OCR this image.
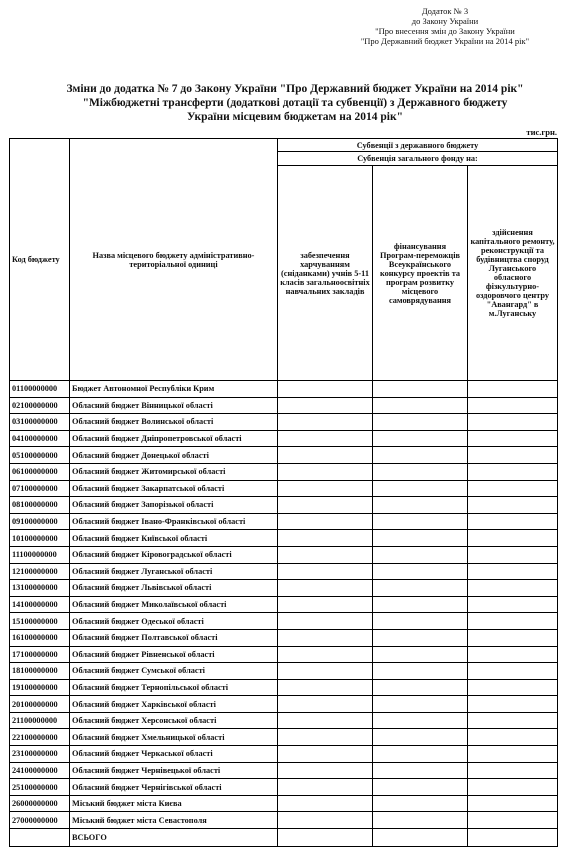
Додаток № 3
до Закону України
"Про внесення змін до Закону України
"Про Державний бюджет України на 2014 рік"
Зміни до додатка № 7 до Закону України "Про Державний бюджет України на 2014 рік"
"Міжбюджетні трансферти (додаткові дотації та субвенції) з Державного бюджету
України місцевим бюджетам на 2014 рік"
тис.грн.
Код бюджету	Назва місцевого бюджету адміністративно-територіальної одиниці	Субвенції з державного бюджету		
		Субвенція загального фонду на:		
		забезпечення харчуванням (сніданками) учнів 5-11 класів загальноосвітніх навчальних закладів	фінансування Програм-переможців Всеукраїнського конкурсу проектів та програм розвитку місцевого самоврядування	здійснення капітального ремонту, реконструкції та будівництва споруд Луганського обласного фізкультурно-оздоровчого центру "Авангард" в м.Луганську
01100000000	Бюджет Автономної Республіки Крим			
02100000000	Обласний бюджет Вінницької області			
03100000000	Обласний бюджет Волинської області			
04100000000	Обласний бюджет Дніпропетровської області			
05100000000	Обласний бюджет Донецької області			
06100000000	Обласний бюджет Житомирської області			
07100000000	Обласний бюджет Закарпатської області			
08100000000	Обласний бюджет Запорізької області			
09100000000	Обласний бюджет Івано-Франківської області			
10100000000	Обласний бюджет Київської області			
11100000000	Обласний бюджет Кіровоградської області			
12100000000	Обласний бюджет Луганської області			
13100000000	Обласний бюджет Львівської області			
14100000000	Обласний бюджет Миколаївської області			
15100000000	Обласний бюджет Одеської області			
16100000000	Обласний бюджет Полтавської області			
17100000000	Обласний бюджет Рівненської області			
18100000000	Обласний бюджет Сумської області			
19100000000	Обласний бюджет Тернопільської області			
20100000000	Обласний бюджет Харківської області			
21100000000	Обласний бюджет Херсонської області			
22100000000	Обласний бюджет Хмельницької області			
23100000000	Обласний бюджет Черкаської області			
24100000000	Обласний бюджет Чернівецької області			
25100000000	Обласний бюджет Чернігівської області			
26000000000	Міський бюджет міста Києва			
27000000000	Міський бюджет міста Севастополя			
	ВСЬОГО			
